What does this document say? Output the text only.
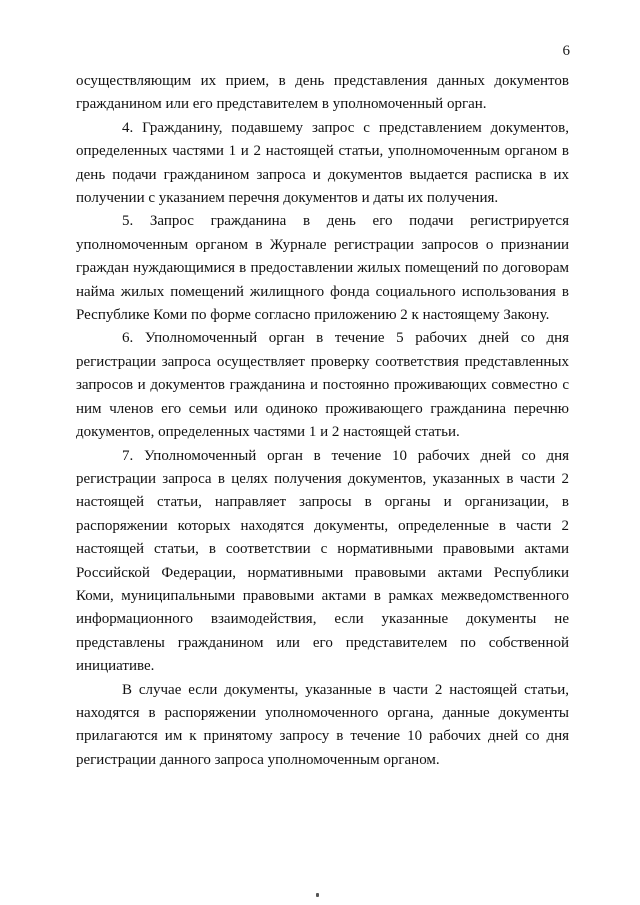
6

осуществляющим их прием, в день представления данных документов гражданином или его представителем в уполномоченный орган.

4. Гражданину, подавшему запрос с представлением документов, определенных частями 1 и 2 настоящей статьи, уполномоченным органом в день подачи гражданином запроса и документов выдается расписка в их получении с указанием перечня документов и даты их получения.

5. Запрос гражданина в день его подачи регистрируется уполномоченным органом в Журнале регистрации запросов о признании граждан нуждающимися в предоставлении жилых помещений по договорам найма жилых помещений жилищного фонда социального использования в Республике Коми по форме согласно приложению 2 к настоящему Закону.

6. Уполномоченный орган в течение 5 рабочих дней со дня регистрации запроса осуществляет проверку соответствия представленных запросов и документов гражданина и постоянно проживающих совместно с ним членов его семьи или одиноко проживающего гражданина перечню документов, определенных частями 1 и 2 настоящей статьи.

7. Уполномоченный орган в течение 10 рабочих дней со дня регистрации запроса в целях получения документов, указанных в части 2 настоящей статьи, направляет запросы в органы и организации, в распоряжении которых находятся документы, определенные в части 2 настоящей статьи, в соответствии с нормативными правовыми актами Российской Федерации, нормативными правовыми актами Республики Коми, муниципальными правовыми актами в рамках межведомственного информационного взаимодействия, если указанные документы не представлены гражданином или его представителем по собственной инициативе.

В случае если документы, указанные в части 2 настоящей статьи, находятся в распоряжении уполномоченного органа, данные документы прилагаются им к принятому запросу в течение 10 рабочих дней со дня регистрации данного запроса уполномоченным органом.
